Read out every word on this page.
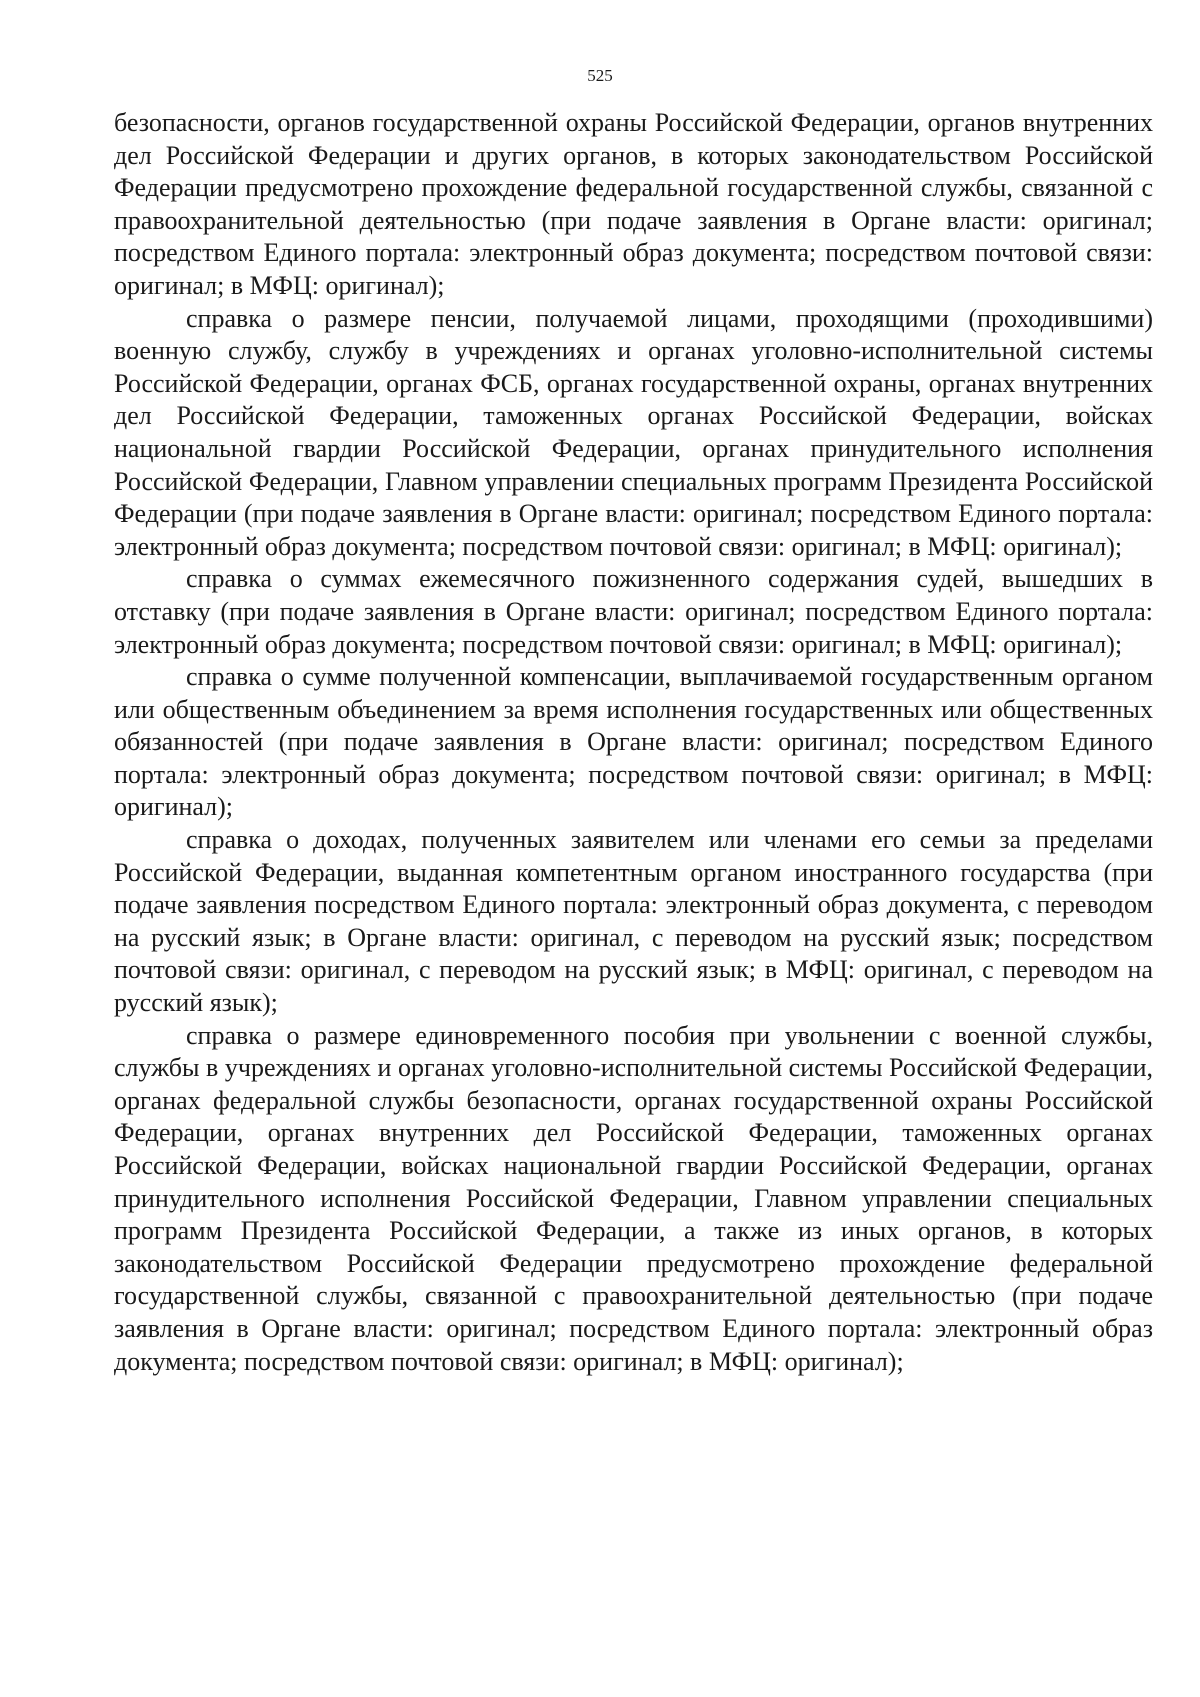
525

безопасности, органов государственной охраны Российской Федерации, органов внутренних дел Российской Федерации и других органов, в которых законодательством Российской Федерации предусмотрено прохождение федеральной государственной службы, связанной с правоохранительной деятельностью (при подаче заявления в Органе власти: оригинал; посредством Единого портала: электронный образ документа; посредством почтовой связи: оригинал; в МФЦ: оригинал);

справка о размере пенсии, получаемой лицами, проходящими (проходившими) военную службу, службу в учреждениях и органах уголовно-исполнительной системы Российской Федерации, органах ФСБ, органах государственной охраны, органах внутренних дел Российской Федерации, таможенных органах Российской Федерации, войсках национальной гвардии Российской Федерации, органах принудительного исполнения Российской Федерации, Главном управлении специальных программ Президента Российской Федерации (при подаче заявления в Органе власти: оригинал; посредством Единого портала: электронный образ документа; посредством почтовой связи: оригинал; в МФЦ: оригинал);

справка о суммах ежемесячного пожизненного содержания судей, вышедших в отставку (при подаче заявления в Органе власти: оригинал; посредством Единого портала: электронный образ документа; посредством почтовой связи: оригинал; в МФЦ: оригинал);

справка о сумме полученной компенсации, выплачиваемой государственным органом или общественным объединением за время исполнения государственных или общественных обязанностей (при подаче заявления в Органе власти: оригинал; посредством Единого портала: электронный образ документа; посредством почтовой связи: оригинал; в МФЦ: оригинал);

справка о доходах, полученных заявителем или членами его семьи за пределами Российской Федерации, выданная компетентным органом иностранного государства (при подаче заявления посредством Единого портала: электронный образ документа, с переводом на русский язык; в Органе власти: оригинал, с переводом на русский язык; посредством почтовой связи: оригинал, с переводом на русский язык; в МФЦ: оригинал, с переводом на русский язык);

справка о размере единовременного пособия при увольнении с военной службы, службы в учреждениях и органах уголовно-исполнительной системы Российской Федерации, органах федеральной службы безопасности, органах государственной охраны Российской Федерации, органах внутренних дел Российской Федерации, таможенных органах Российской Федерации, войсках национальной гвардии Российской Федерации, органах принудительного исполнения Российской Федерации, Главном управлении специальных программ Президента Российской Федерации, а также из иных органов, в которых законодательством Российской Федерации предусмотрено прохождение федеральной государственной службы, связанной с правоохранительной деятельностью (при подаче заявления в Органе власти: оригинал; посредством Единого портала: электронный образ документа; посредством почтовой связи: оригинал; в МФЦ: оригинал);
